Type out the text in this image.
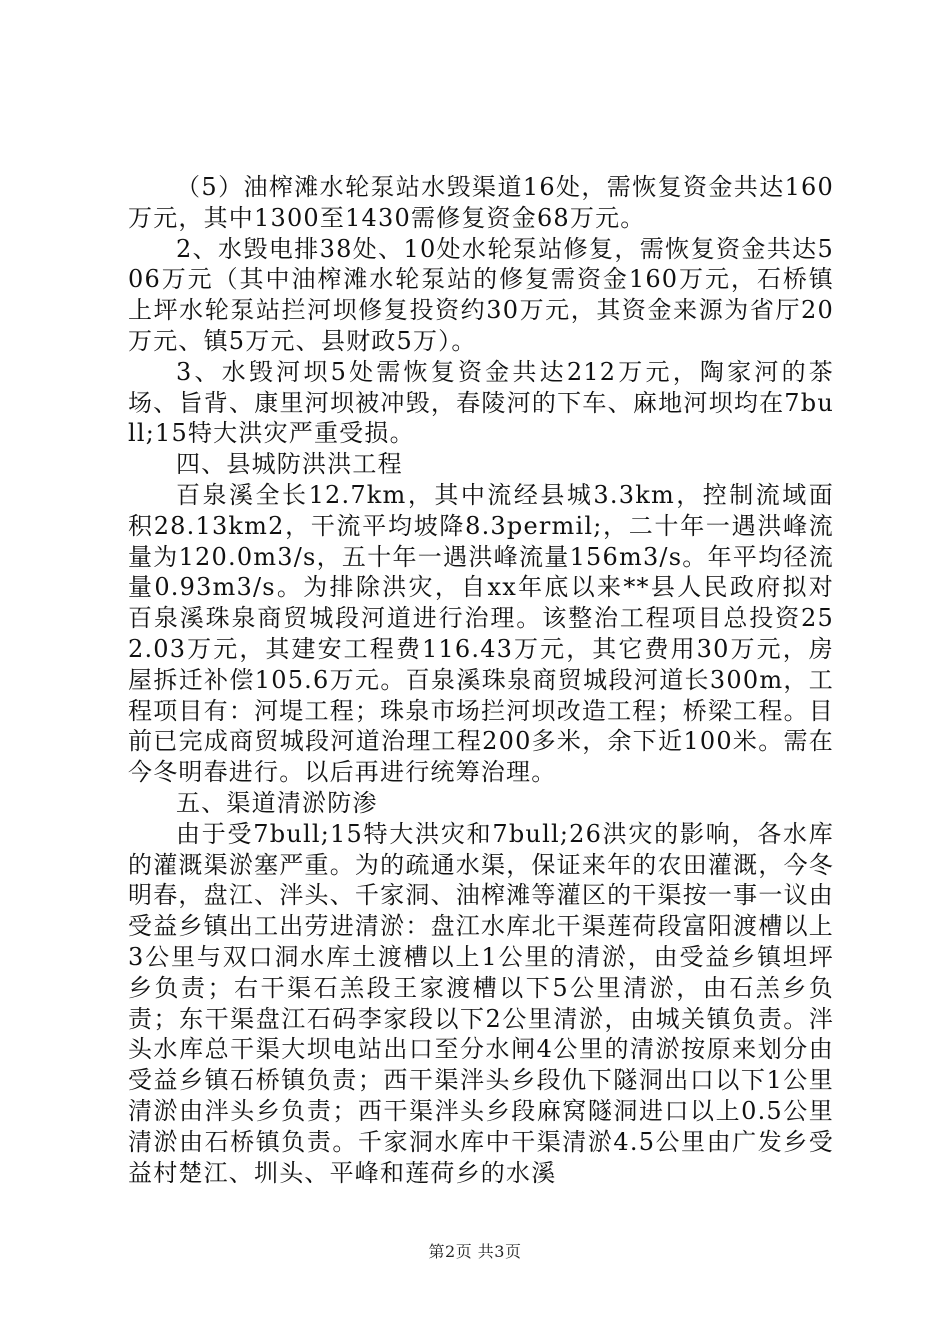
（5）油榨滩水轮泵站水毁渠道16处，需恢复资金共达160万元，其中1300至1430需修复资金68万元。

2、水毁电排38处、10处水轮泵站修复，需恢复资金共达506万元（其中油榨滩水轮泵站的修复需资金160万元，石桥镇上坪水轮泵站拦河坝修复投资约30万元，其资金来源为省厅20万元、镇5万元、县财政5万）。

3、水毁河坝5处需恢复资金共达212万元，陶家河的茶场、旨背、康里河坝被冲毁，春陵河的下车、麻地河坝均在7bull;15特大洪灾严重受损。

四、县城防洪洪工程

百泉溪全长12.7km，其中流经县城3.3km，控制流域面积28.13km2，干流平均坡降8.3permil;，二十年一遇洪峰流量为120.0m3/s，五十年一遇洪峰流量156m3/s。年平均径流量0.93m3/s。为排除洪灾，自xx年底以来**县人民政府拟对百泉溪珠泉商贸城段河道进行治理。该整治工程项目总投资252.03万元，其建安工程费116.43万元，其它费用30万元，房屋拆迁补偿105.6万元。百泉溪珠泉商贸城段河道长300m，工程项目有：河堤工程；珠泉市场拦河坝改造工程；桥梁工程。目前已完成商贸城段河道治理工程200多米，余下近100米。需在今冬明春进行。以后再进行统筹治理。

五、渠道清淤防渗

由于受7bull;15特大洪灾和7bull;26洪灾的影响，各水库的灌溉渠淤塞严重。为的疏通水渠，保证来年的农田灌溉，今冬明春，盘江、泮头、千家洞、油榨滩等灌区的干渠按一事一议由受益乡镇出工出劳进清淤：盘江水库北干渠莲荷段富阳渡槽以上3公里与双口洞水库土渡槽以上1公里的清淤，由受益乡镇坦坪乡负责；右干渠石羔段王家渡槽以下5公里清淤，由石羔乡负责；东干渠盘江石码李家段以下2公里清淤，由城关镇负责。泮头水库总干渠大坝电站出口至分水闸4公里的清淤按原来划分由受益乡镇石桥镇负责；西干渠泮头乡段仇下隧洞出口以下1公里清淤由泮头乡负责；西干渠泮头乡段麻窝隧洞进口以上0.5公里清淤由石桥镇负责。千家洞水库中干渠清淤4.5公里由广发乡受益村楚江、圳头、平峰和莲荷乡的水溪

第2页 共3页
